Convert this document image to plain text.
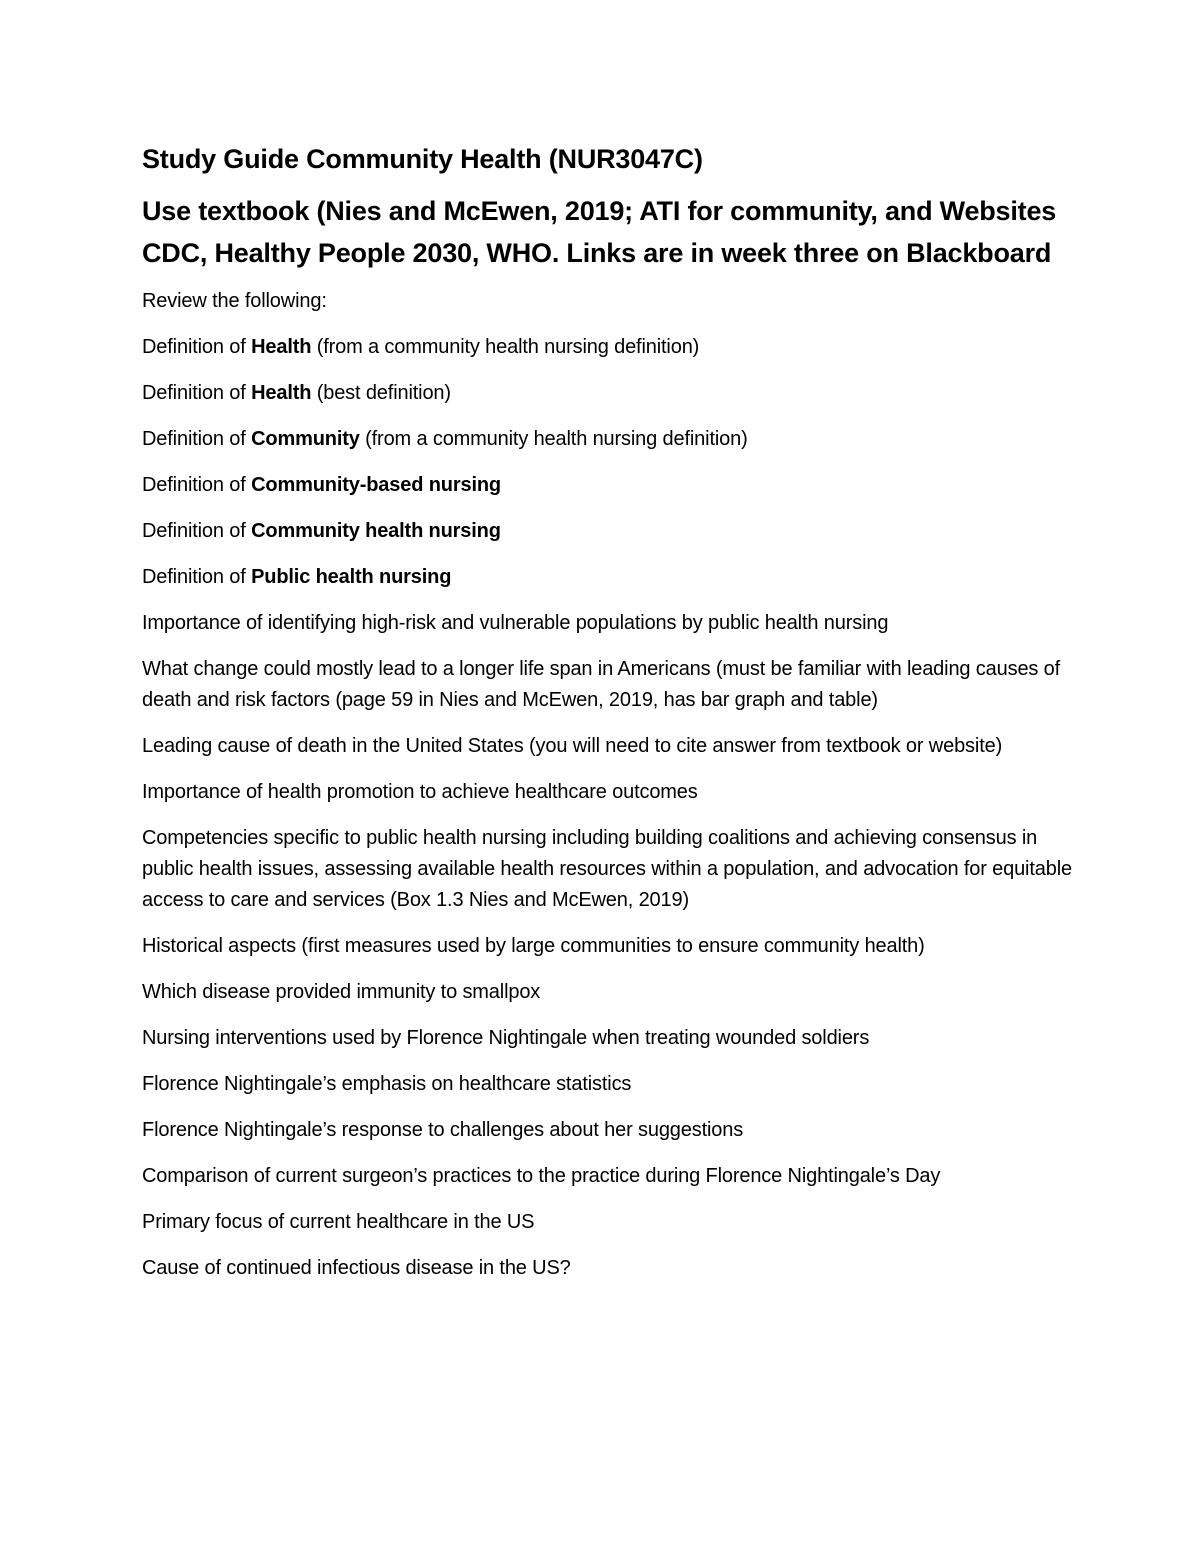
Study Guide Community Health (NUR3047C)
Use textbook (Nies and McEwen, 2019; ATI for community, and Websites CDC, Healthy People 2030, WHO. Links are in week three on Blackboard
Review the following:
Definition of Health (from a community health nursing definition)
Definition of Health (best definition)
Definition of Community (from a community health nursing definition)
Definition of Community-based nursing
Definition of Community health nursing
Definition of Public health nursing
Importance of identifying high-risk and vulnerable populations by public health nursing
What change could mostly lead to a longer life span in Americans (must be familiar with leading causes of death and risk factors (page 59 in Nies and McEwen, 2019, has bar graph and table)
Leading cause of death in the United States (you will need to cite answer from textbook or website)
Importance of health promotion to achieve healthcare outcomes
Competencies specific to public health nursing including building coalitions and achieving consensus in public health issues, assessing available health resources within a population, and advocation for equitable access to care and services (Box 1.3 Nies and McEwen, 2019)
Historical aspects (first measures used by large communities to ensure community health)
Which disease provided immunity to smallpox
Nursing interventions used by Florence Nightingale when treating wounded soldiers
Florence Nightingale’s emphasis on healthcare statistics
Florence Nightingale’s response to challenges about her suggestions
Comparison of current surgeon’s practices to the practice during Florence Nightingale’s Day
Primary focus of current healthcare in the US
Cause of continued infectious disease in the US?
